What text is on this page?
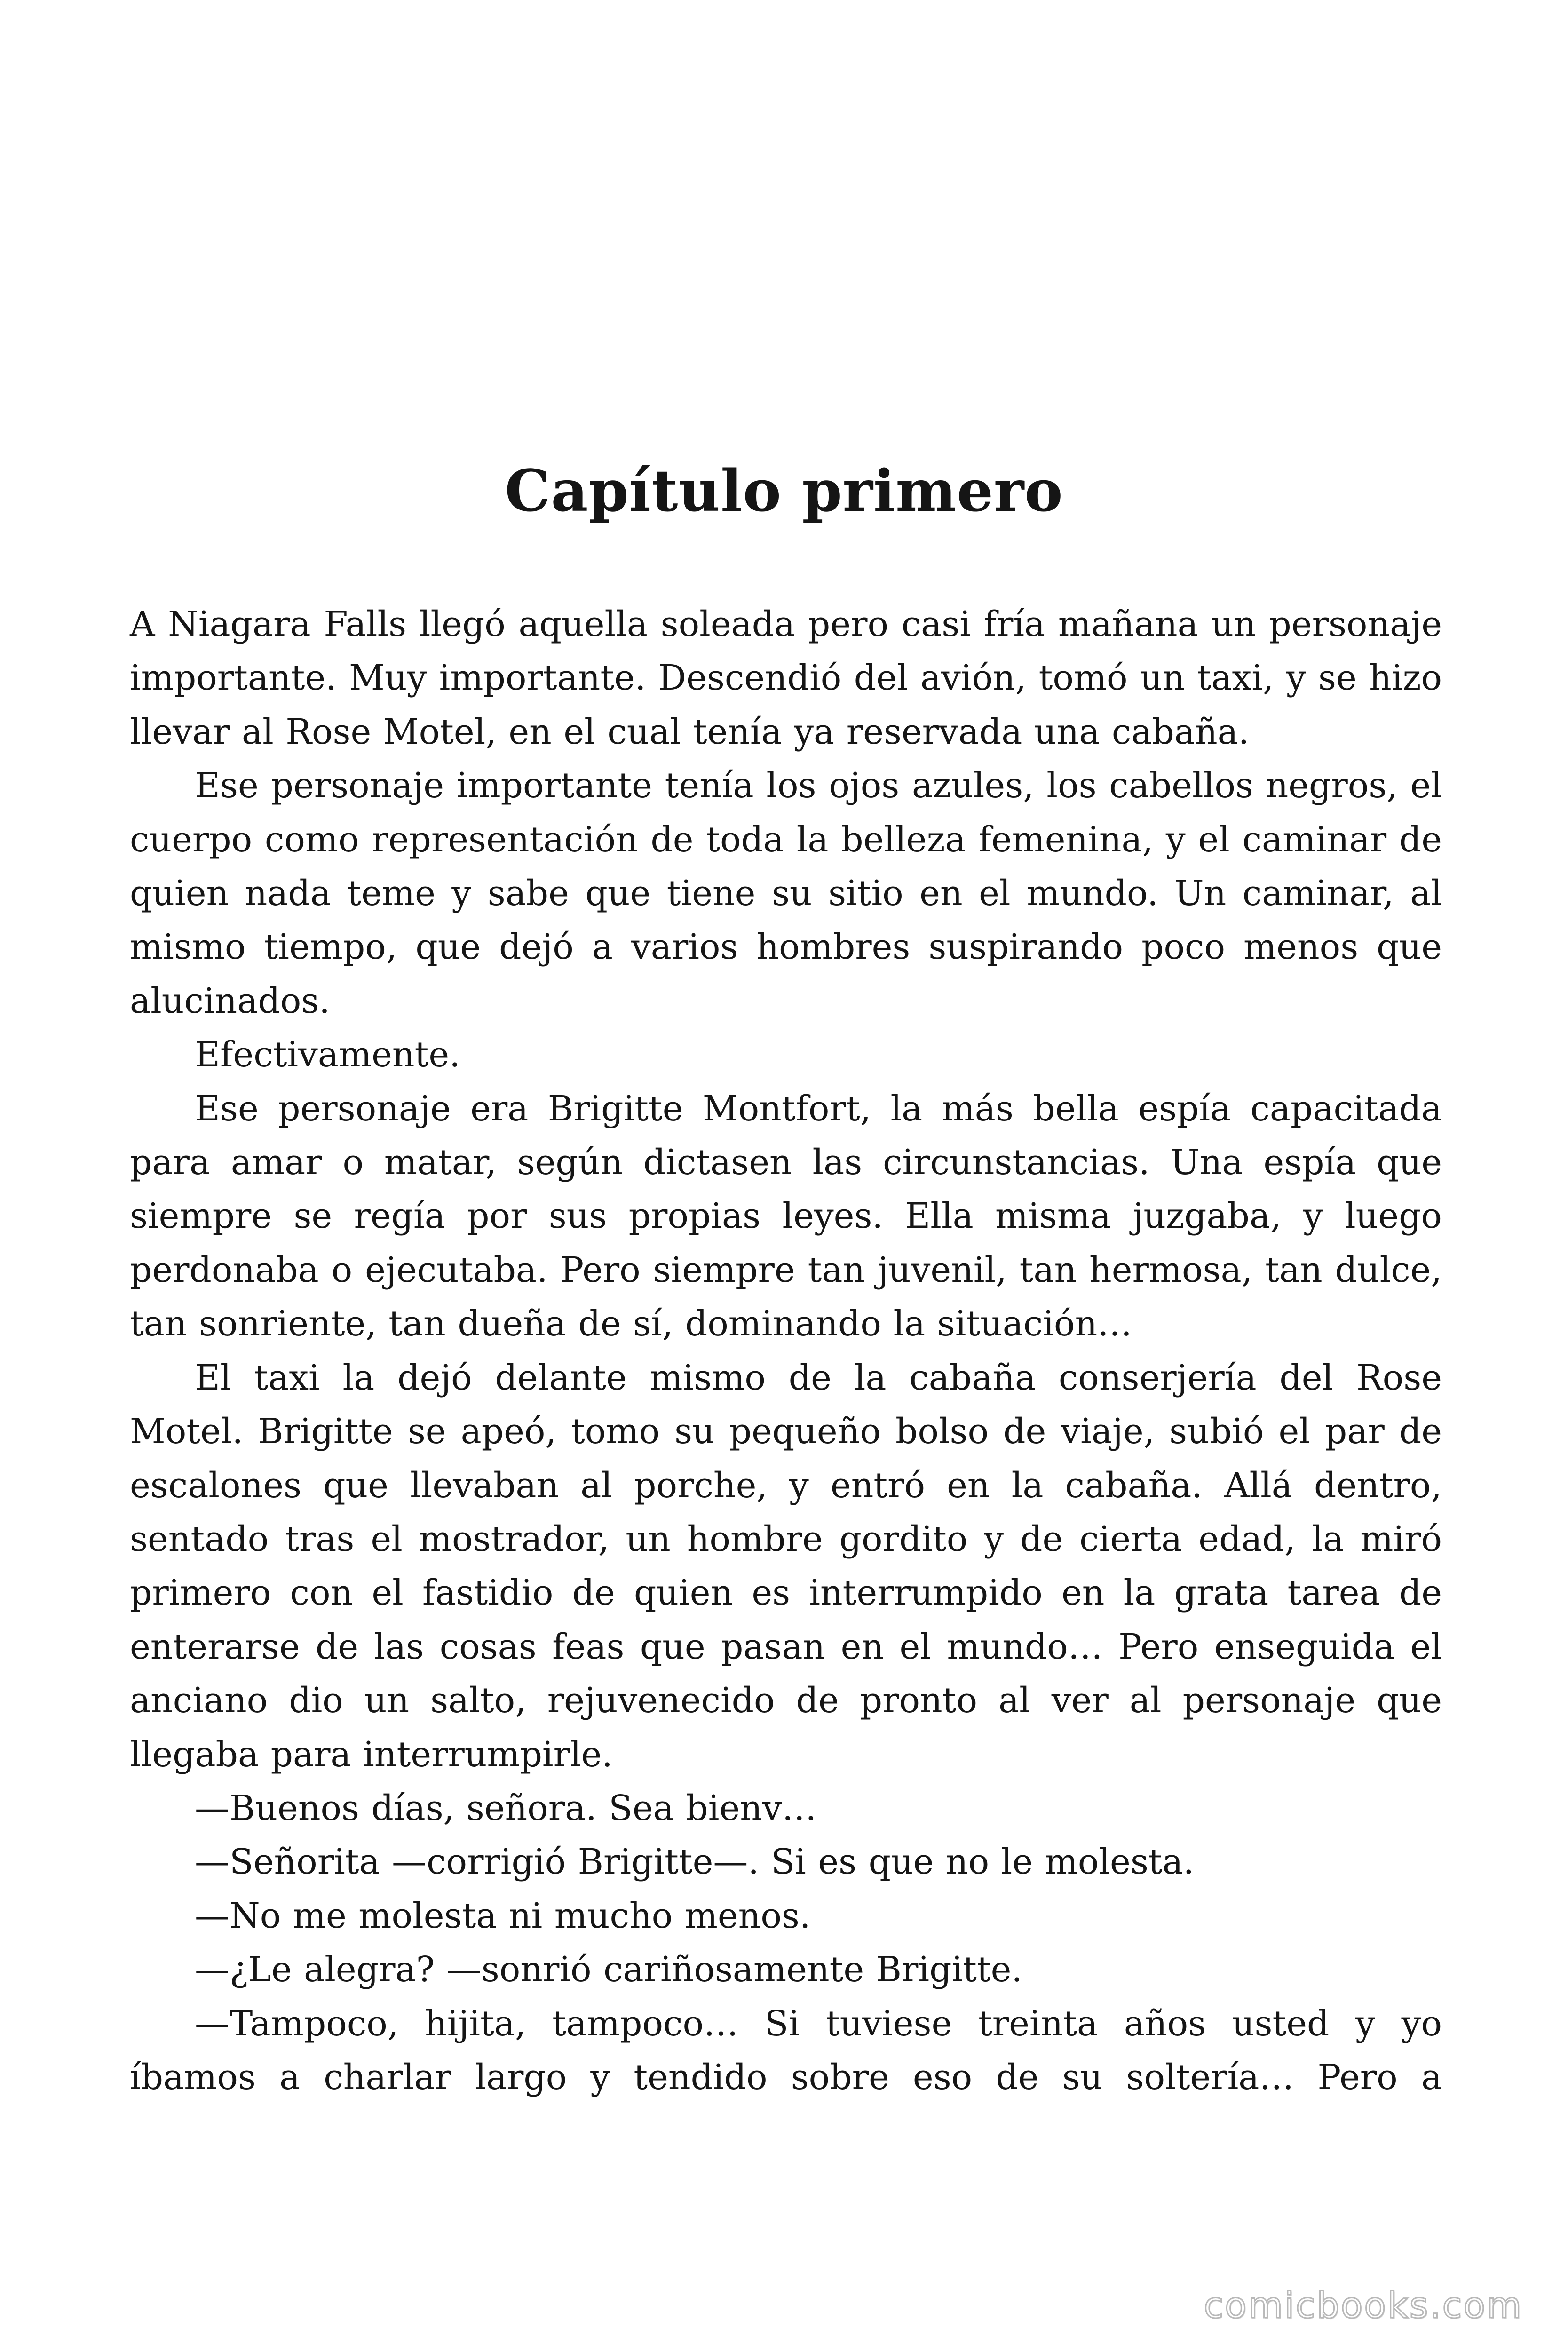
Capítulo primero

A Niagara Falls llegó aquella soleada pero casi fría mañana un personaje importante. Muy importante. Descendió del avión, tomó un taxi, y se hizo llevar al Rose Motel, en el cual tenía ya reservada una cabaña.

Ese personaje importante tenía los ojos azules, los cabellos negros, el cuerpo como representación de toda la belleza femenina, y el caminar de quien nada teme y sabe que tiene su sitio en el mundo. Un caminar, al mismo tiempo, que dejó a varios hombres suspirando poco menos que alucinados.

Efectivamente.

Ese personaje era Brigitte Montfort, la más bella espía capacitada para amar o matar, según dictasen las circunstancias. Una espía que siempre se regía por sus propias leyes. Ella misma juzgaba, y luego perdonaba o ejecutaba. Pero siempre tan juvenil, tan hermosa, tan dulce, tan sonriente, tan dueña de sí, dominando la situación…

El taxi la dejó delante mismo de la cabaña conserjería del Rose Motel. Brigitte se apeó, tomo su pequeño bolso de viaje, subió el par de escalones que llevaban al porche, y entró en la cabaña. Allá dentro, sentado tras el mostrador, un hombre gordito y de cierta edad, la miró primero con el fastidio de quien es interrumpido en la grata tarea de enterarse de las cosas feas que pasan en el mundo… Pero enseguida el anciano dio un salto, rejuvenecido de pronto al ver al personaje que llegaba para interrumpirle.

—Buenos días, señora. Sea bienv…

—Señorita —corrigió Brigitte—. Si es que no le molesta.

—No me molesta ni mucho menos.

—¿Le alegra? —sonrió cariñosamente Brigitte.

—Tampoco, hijita, tampoco… Si tuviese treinta años usted y yo íbamos a charlar largo y tendido sobre eso de su soltería… Pero a

comicbooks.com
